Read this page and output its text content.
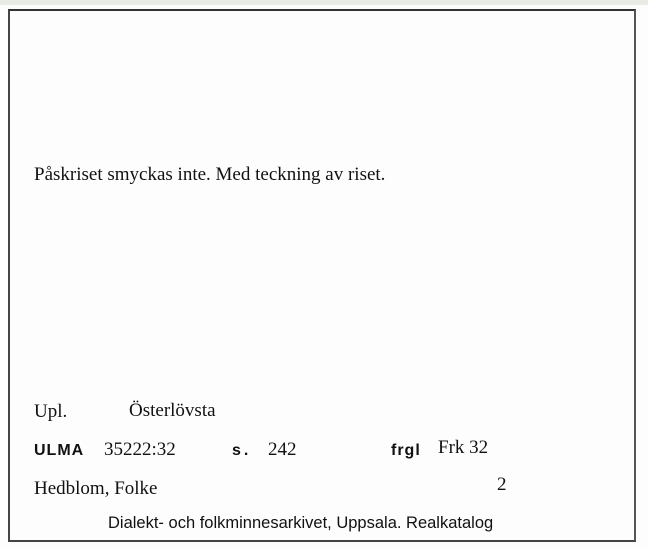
Påskriset smyckas inte. Med teckning av riset.
Upl.	Österlövsta
ULMA 35222:32	s. 242	frgl Frk 32
Hedblom, Folke	2
Dialekt- och folkminnesarkivet, Uppsala. Realkatalog
